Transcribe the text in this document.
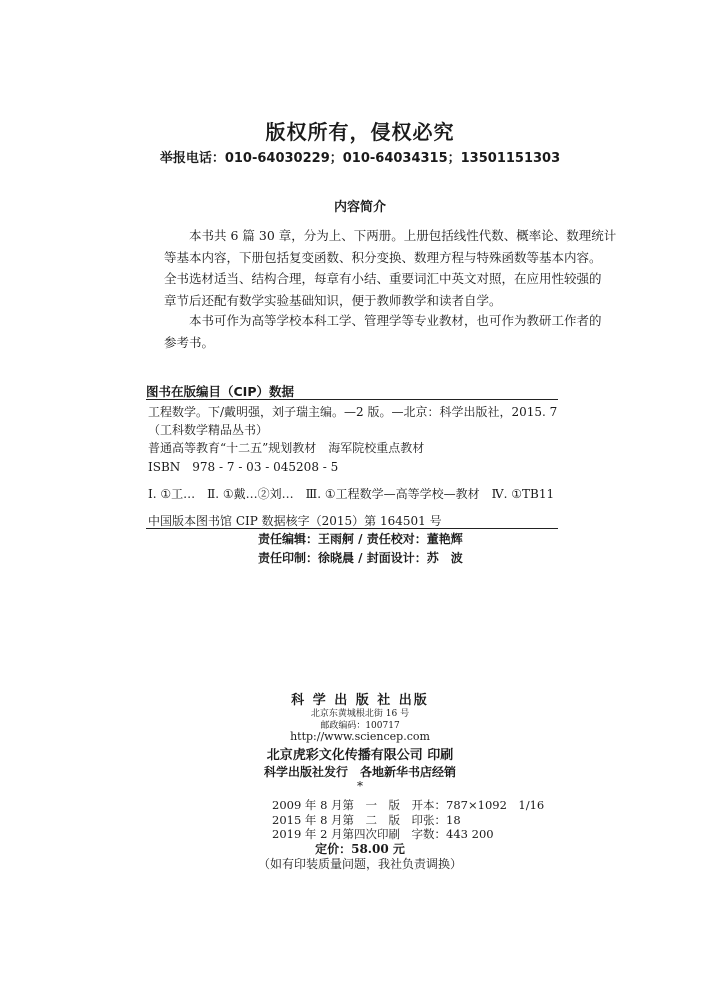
版权所有，侵权必究
举报电话：010-64030229；010-64034315；13501151303
内容简介
本书共 6 篇 30 章，分为上、下两册。上册包括线性代数、概率论、数理统计
等基本内容，下册包括复变函数、积分变换、数理方程与特殊函数等基本内容。
全书选材适当、结构合理，每章有小结、重要词汇中英文对照，在应用性较强的
章节后还配有数学实验基础知识，便于教师教学和读者自学。
本书可作为高等学校本科工学、管理学等专业教材，也可作为教研工作者的
参考书。
图书在版编目（CIP）数据
工程数学。下/戴明强，刘子瑞主编。—2 版。—北京：科学出版社，2015. 7
（工科数学精品丛书）
普通高等教育“十二五”规划教材　海军院校重点教材
ISBN　978 - 7 - 03 - 045208 - 5
Ⅰ. ①工…　Ⅱ. ①戴…②刘…　Ⅲ. ①工程数学—高等学校—教材　Ⅳ. ①TB11
中国版本图书馆 CIP 数据核字（2015）第 164501 号
责任编辑：王雨舸 / 责任校对：董艳辉
责任印制：徐晓晨 / 封面设计：苏　波
科 学 出 版 社 出版
北京东黄城根北街 16 号
邮政编码：100717
http://www.sciencep.com
北京虎彩文化传播有限公司 印刷
科学出版社发行　各地新华书店经销
*
2009 年 8 月第　一　版　开本：787×1092　1/16
2015 年 8 月第　二　版　印张：18
2019 年 2 月第四次印刷　字数：443 200
定价：58.00 元
（如有印装质量问题，我社负责调换）
